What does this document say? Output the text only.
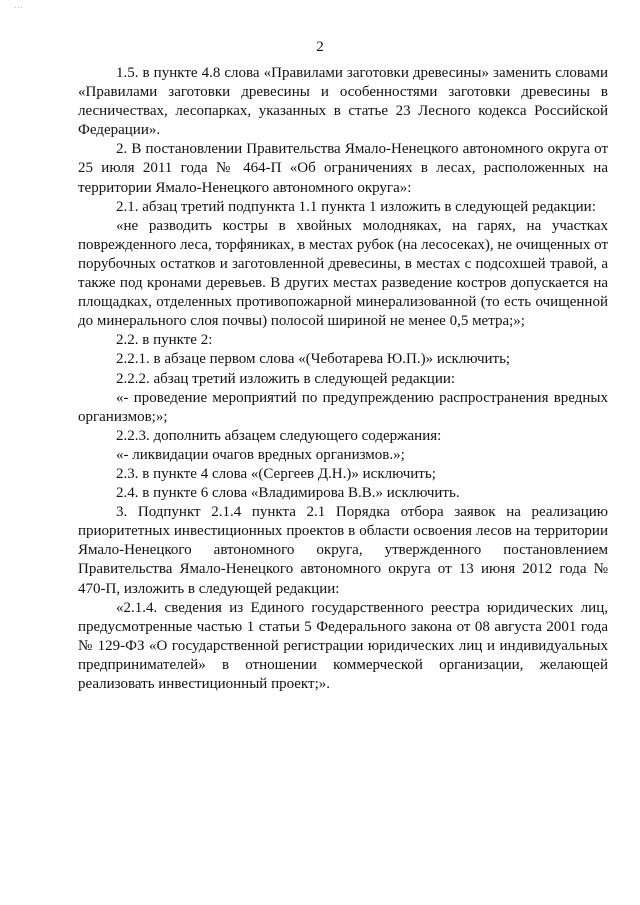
…
2

1.5. в пункте 4.8 слова «Правилами заготовки древесины» заменить словами «Правилами заготовки древесины и особенностями заготовки древесины в лесничествах, лесопарках, указанных в статье 23 Лесного кодекса Российской Федерации».

2. В постановлении Правительства Ямало-Ненецкого автономного округа от 25 июля 2011 года № 464-П «Об ограничениях в лесах, расположенных на территории Ямало-Ненецкого автономного округа»:

2.1. абзац третий подпункта 1.1 пункта 1 изложить в следующей редакции:

«не разводить костры в хвойных молодняках, на гарях, на участках поврежденного леса, торфяниках, в местах рубок (на лесосеках), не очищенных от порубочных остатков и заготовленной древесины, в местах с подсохшей травой, а также под кронами деревьев. В других местах разведение костров допускается на площадках, отделенных противопожарной минерализованной (то есть очищенной до минерального слоя почвы) полосой шириной не менее 0,5 метра;»;

2.2. в пункте 2:

2.2.1. в абзаце первом слова «(Чеботарева Ю.П.)» исключить;

2.2.2. абзац третий изложить в следующей редакции:

«- проведение мероприятий по предупреждению распространения вредных организмов;»;

2.2.3. дополнить абзацем следующего содержания:

«- ликвидации очагов вредных организмов.»;

2.3. в пункте 4 слова «(Сергеев Д.Н.)» исключить;

2.4. в пункте 6 слова «Владимирова В.В.» исключить.

3. Подпункт 2.1.4 пункта 2.1 Порядка отбора заявок на реализацию приоритетных инвестиционных проектов в области освоения лесов на территории Ямало-Ненецкого автономного округа, утвержденного постановлением Правительства Ямало-Ненецкого автономного округа от 13 июня 2012 года № 470-П, изложить в следующей редакции:

«2.1.4. сведения из Единого государственного реестра юридических лиц, предусмотренные частью 1 статьи 5 Федерального закона от 08 августа 2001 года № 129-ФЗ «О государственной регистрации юридических лиц и индивидуальных предпринимателей» в отношении коммерческой организации, желающей реализовать инвестиционный проект;».
